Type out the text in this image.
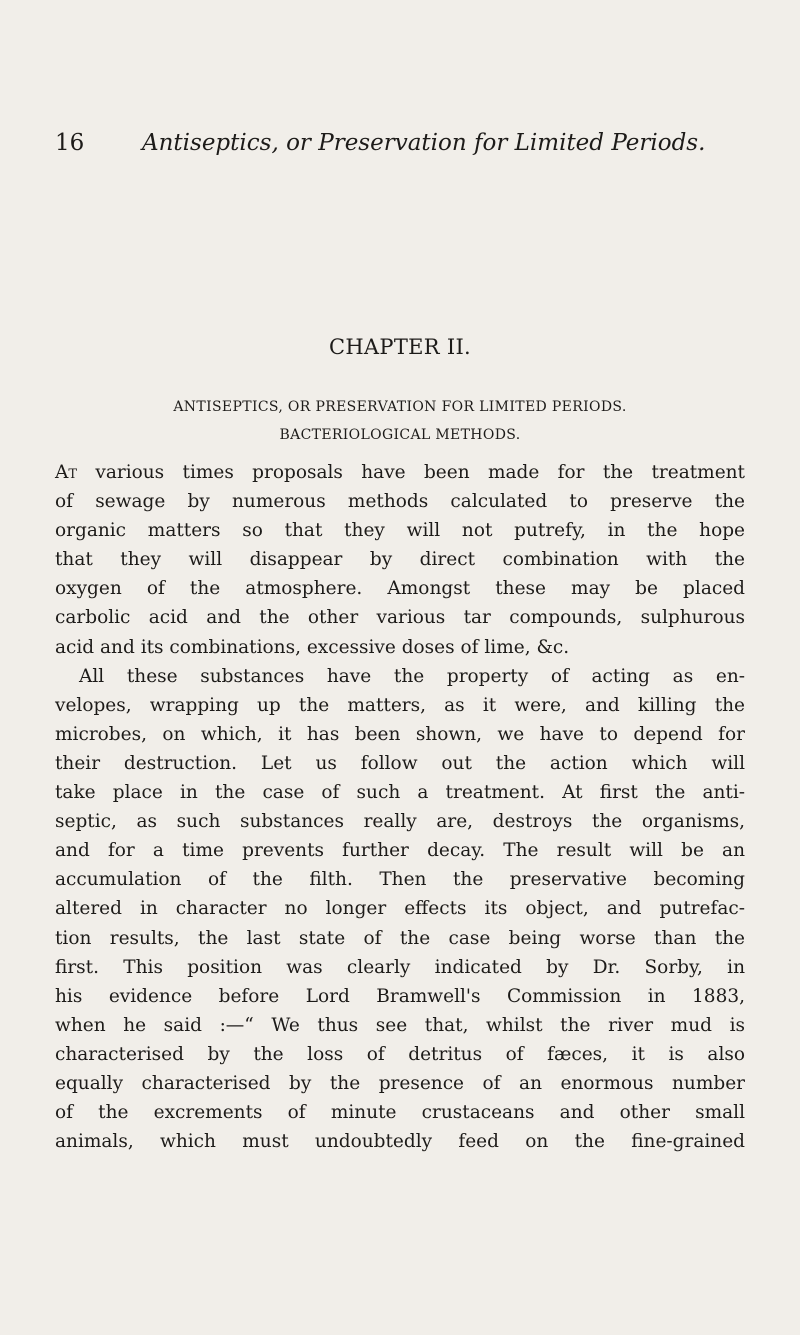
16	Antiseptics, or Preservation for Limited Periods.
CHAPTER II.
ANTISEPTICS, OR PRESERVATION FOR LIMITED PERIODS.
BACTERIOLOGICAL METHODS.
At various times proposals have been made for the treatment
of sewage by numerous methods calculated to preserve the
organic matters so that they will not putrefy, in the hope
that they will disappear by direct combination with the
oxygen of the atmosphere. Amongst these may be placed
carbolic acid and the other various tar compounds, sulphurous
acid and its combinations, excessive doses of lime, &c.
All these substances have the property of acting as en-
velopes, wrapping up the matters, as it were, and killing the
microbes, on which, it has been shown, we have to depend for
their destruction. Let us follow out the action which will
take place in the case of such a treatment. At first the anti-
septic, as such substances really are, destroys the organisms,
and for a time prevents further decay. The result will be an
accumulation of the filth. Then the preservative becoming
altered in character no longer effects its object, and putrefac-
tion results, the last state of the case being worse than the
first. This position was clearly indicated by Dr. Sorby, in
his evidence before Lord Bramwell's Commission in 1883,
when he said :—“ We thus see that, whilst the river mud is
characterised by the loss of detritus of fæces, it is also
equally characterised by the presence of an enormous number
of the excrements of minute crustaceans and other small
animals, which must undoubtedly feed on the fine-grained
